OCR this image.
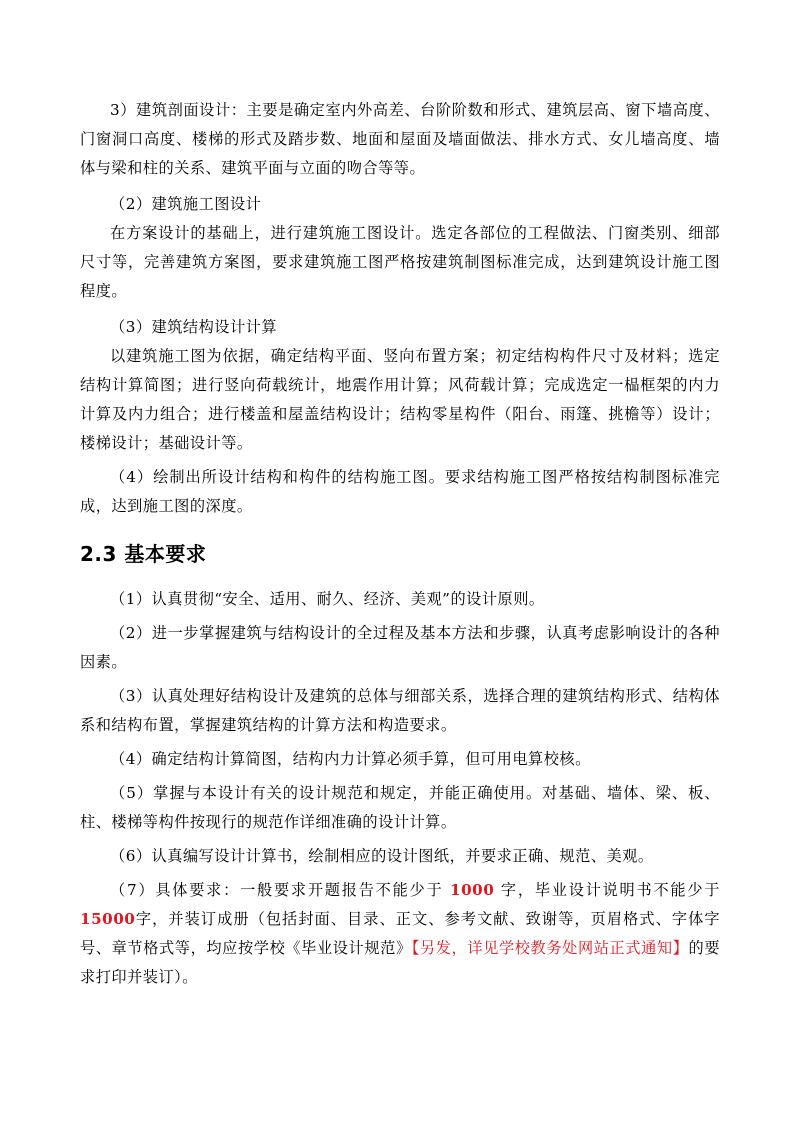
3）建筑剖面设计：主要是确定室内外高差、台阶阶数和形式、建筑层高、窗下墙高度、门窗洞口高度、楼梯的形式及踏步数、地面和屋面及墙面做法、排水方式、女儿墙高度、墙体与梁和柱的关系、建筑平面与立面的吻合等等。

（2）建筑施工图设计

在方案设计的基础上，进行建筑施工图设计。选定各部位的工程做法、门窗类别、细部尺寸等，完善建筑方案图，要求建筑施工图严格按建筑制图标准完成，达到建筑设计施工图程度。

（3）建筑结构设计计算

以建筑施工图为依据，确定结构平面、竖向布置方案；初定结构构件尺寸及材料；选定结构计算简图；进行竖向荷载统计，地震作用计算；风荷载计算；完成选定一榀框架的内力计算及内力组合；进行楼盖和屋盖结构设计；结构零星构件（阳台、雨篷、挑檐等）设计；楼梯设计；基础设计等。

（4）绘制出所设计结构和构件的结构施工图。要求结构施工图严格按结构制图标准完成，达到施工图的深度。

2.3 基本要求

（1）认真贯彻“安全、适用、耐久、经济、美观”的设计原则。

（2）进一步掌握建筑与结构设计的全过程及基本方法和步骤，认真考虑影响设计的各种因素。

（3）认真处理好结构设计及建筑的总体与细部关系，选择合理的建筑结构形式、结构体系和结构布置，掌握建筑结构的计算方法和构造要求。

（4）确定结构计算简图，结构内力计算必须手算，但可用电算校核。

（5）掌握与本设计有关的设计规范和规定，并能正确使用。对基础、墙体、梁、板、柱、楼梯等构件按现行的规范作详细准确的设计计算。

（6）认真编写设计计算书，绘制相应的设计图纸，并要求正确、规范、美观。

（7）具体要求：一般要求开题报告不能少于 1000 字，毕业设计说明书不能少于 15000字，并装订成册（包括封面、目录、正文、参考文献、致谢等，页眉格式、字体字号、章节格式等，均应按学校《毕业设计规范》【另发，详见学校教务处网站正式通知】的要求打印并装订）。
